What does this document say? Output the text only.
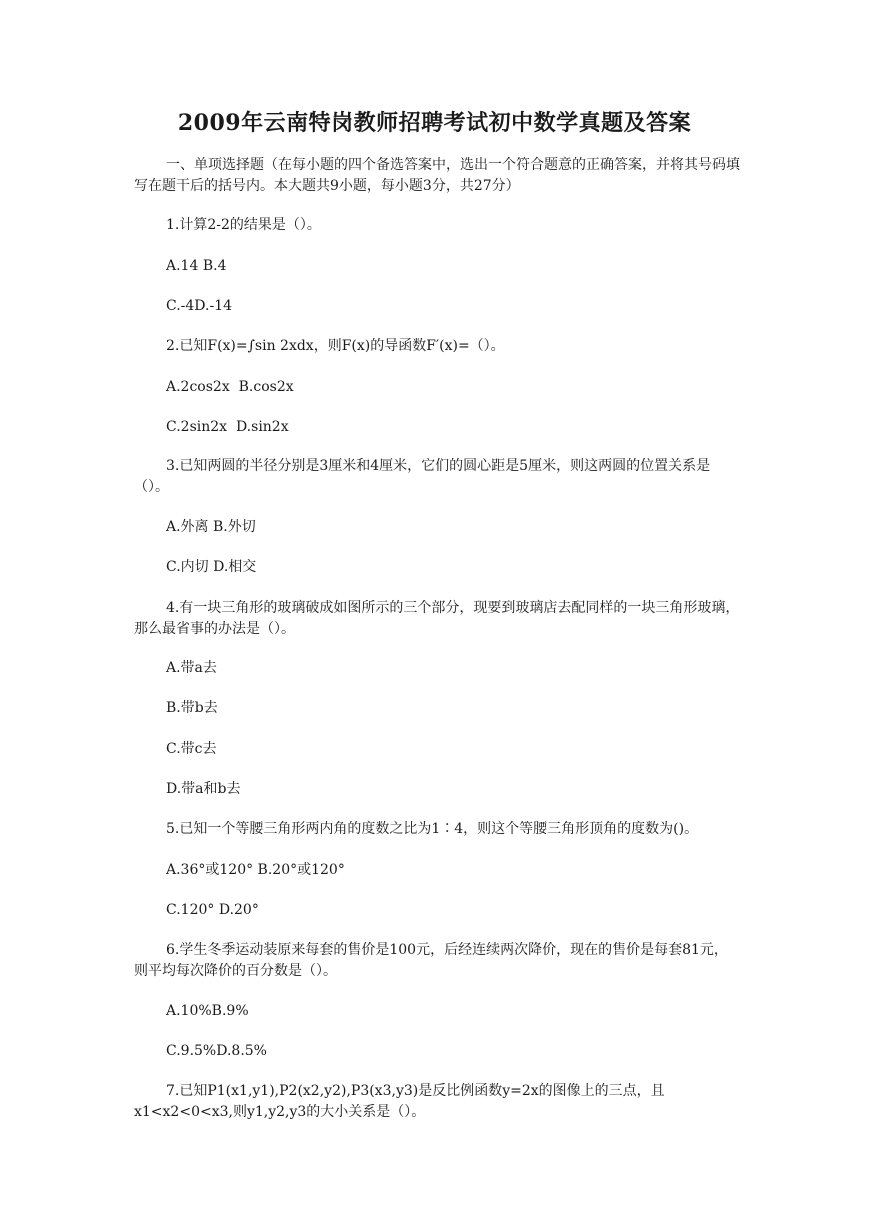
2009年云南特岗教师招聘考试初中数学真题及答案
一、单项选择题（在每小题的四个备选答案中，选出一个符合题意的正确答案，并将其号码填写在题干后的括号内。本大题共9小题，每小题3分，共27分）
1.计算2-2的结果是（）。
A.14 B.4
C.-4D.-14
2.已知F(x)=∫sin 2xdx，则F(x)的导函数F′(x)=（）。
A.2cos2x  B.cos2x
C.2sin2x  D.sin2x
3.已知两圆的半径分别是3厘米和4厘米，它们的圆心距是5厘米，则这两圆的位置关系是（）。
A.外离 B.外切
C.内切 D.相交
4.有一块三角形的玻璃破成如图所示的三个部分，现要到玻璃店去配同样的一块三角形玻璃，那么最省事的办法是（）。
A.带a去
B.带b去
C.带c去
D.带a和b去
5.已知一个等腰三角形两内角的度数之比为1∶4，则这个等腰三角形顶角的度数为()。
A.36°或120° B.20°或120°
C.120° D.20°
6.学生冬季运动装原来每套的售价是100元，后经连续两次降价，现在的售价是每套81元，则平均每次降价的百分数是（）。
A.10%B.9%
C.9.5%D.8.5%
7.已知P1(x1,y1),P2(x2,y2),P3(x3,y3)是反比例函数y=2x的图像上的三点，且x1<x2<0<x3,则y1,y2,y3的大小关系是（）。
